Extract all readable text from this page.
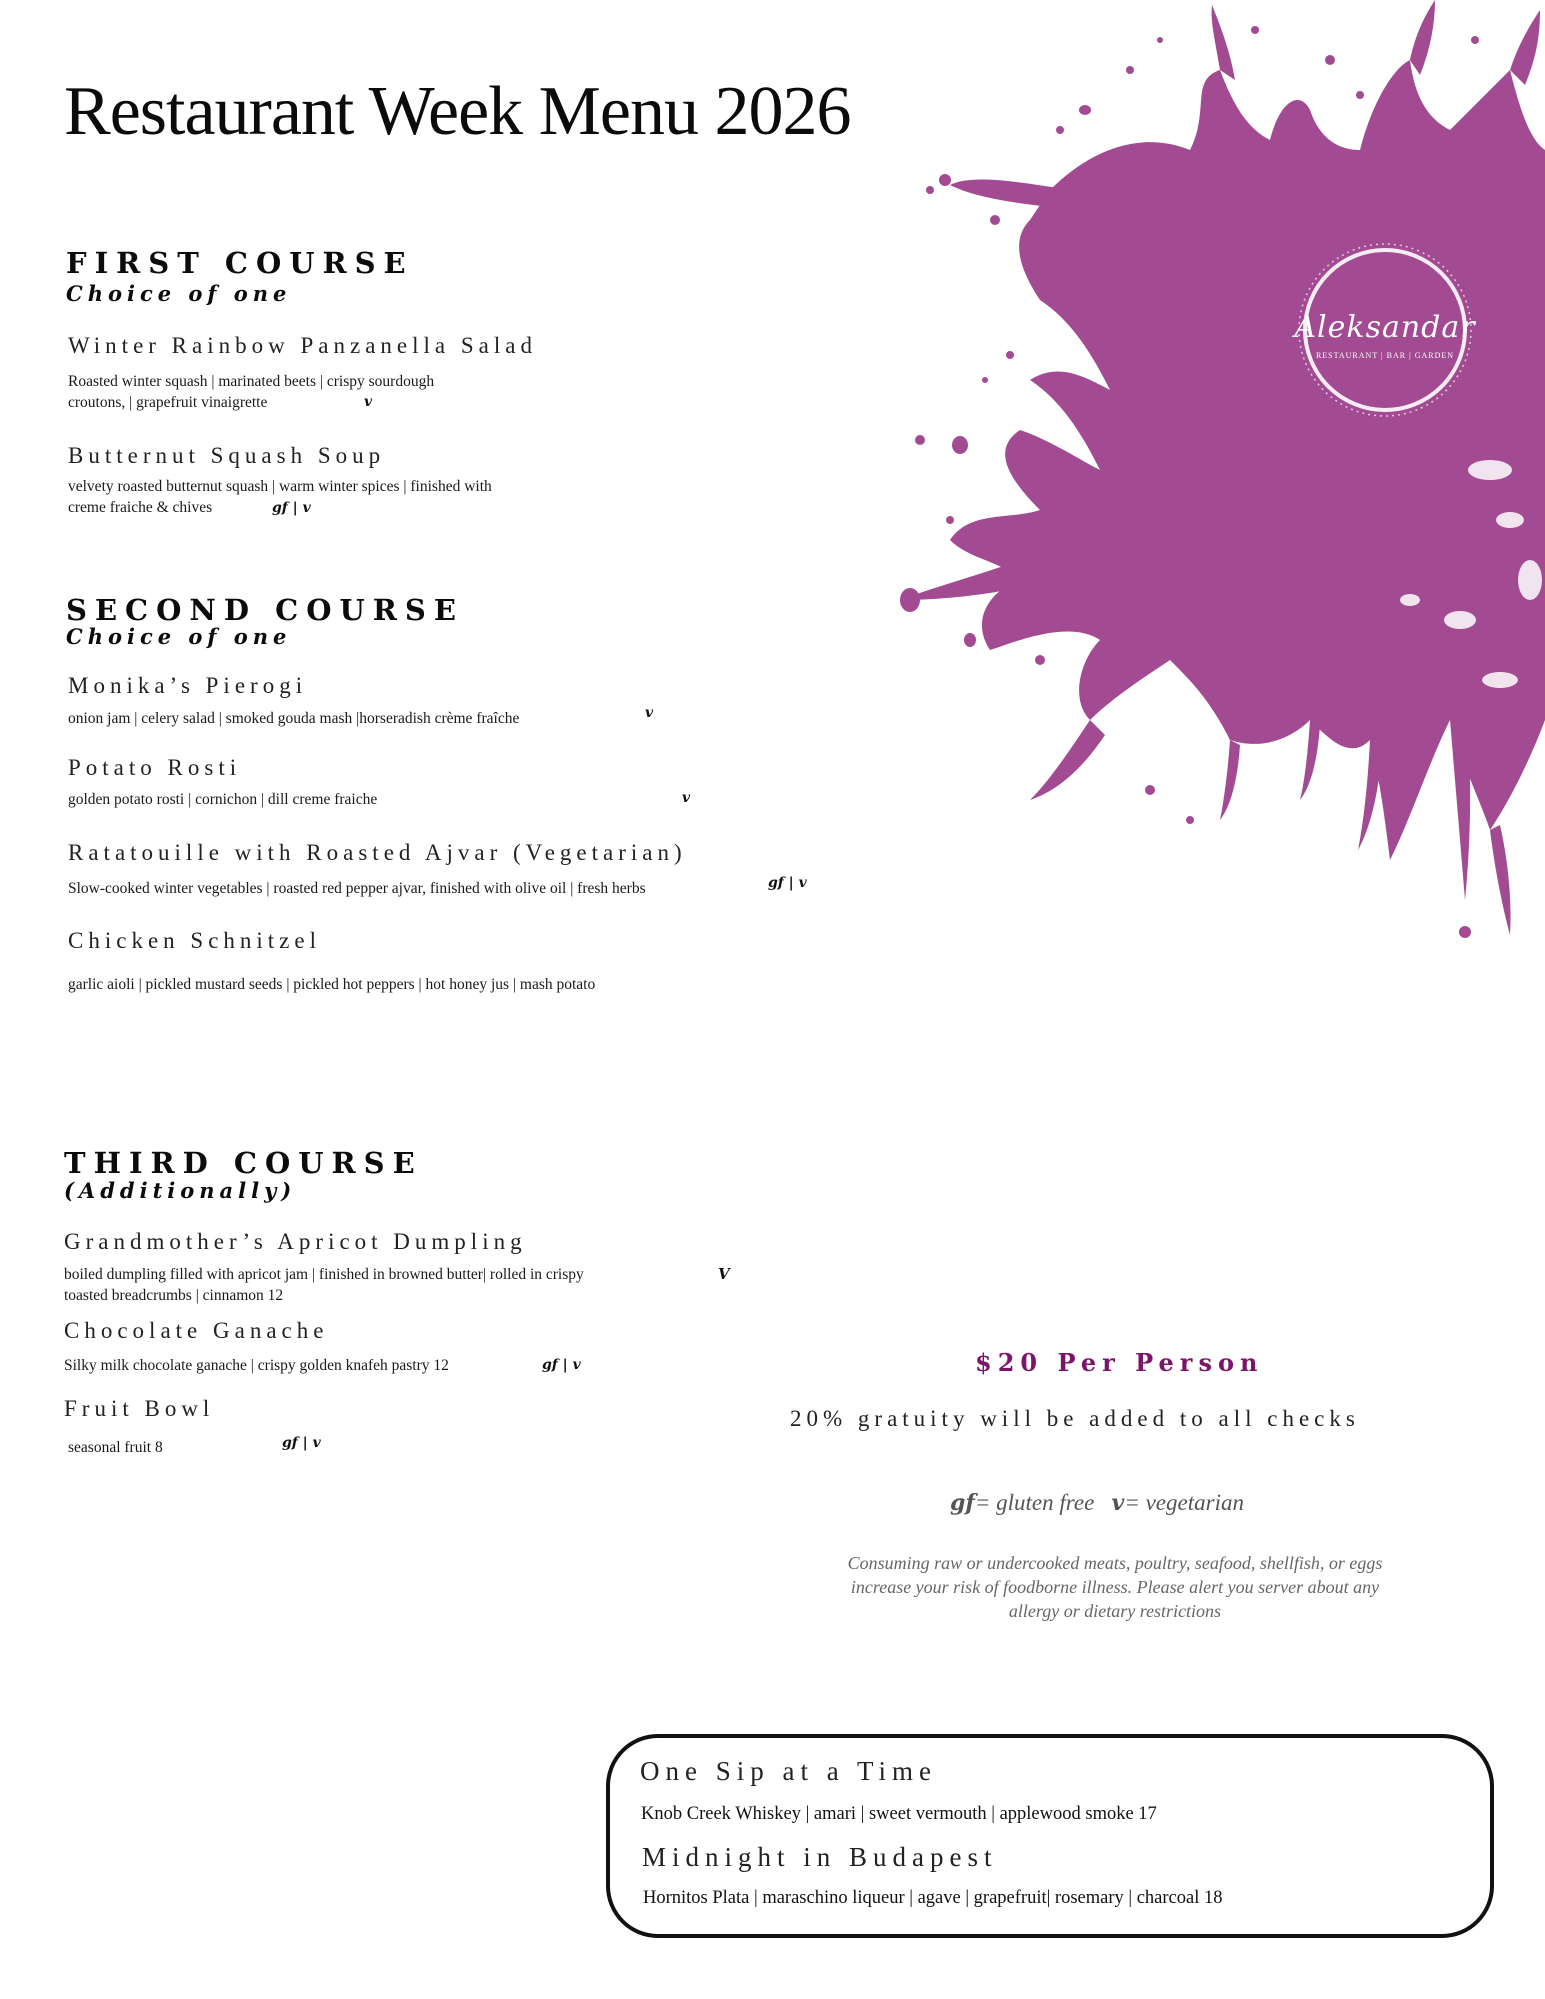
Aleksandar
RESTAURANT | BAR | GARDEN
Restaurant Week Menu 2026
FIRST COURSE
Choice of one
Winter Rainbow Panzanella Salad
Roasted winter squash | marinated beets | crispy sourdough
croutons, | grapefruit vinaigrette	v
Butternut Squash Soup
velvety roasted butternut squash | warm winter spices | finished with
creme fraiche & chives	gf | v
SECOND COURSE
Choice of one
Monika’s Pierogi
onion jam | celery salad | smoked gouda mash |horseradish crème fraîche	v
Potato Rosti
golden potato rosti | cornichon | dill creme fraiche	v
Ratatouille with Roasted Ajvar (Vegetarian)
Slow-cooked winter vegetables | roasted red pepper ajvar, finished with olive oil | fresh herbs	gf | v
Chicken Schnitzel
garlic aioli | pickled mustard seeds | pickled hot peppers | hot honey jus | mash potato
THIRD COURSE
(Additionally)
Grandmother’s Apricot Dumpling
boiled dumpling filled with apricot jam | finished in browned butter| rolled in crispy
toasted breadcrumbs | cinnamon 12
V
Chocolate Ganache
Silky milk chocolate ganache | crispy golden knafeh pastry 12	gf | v
Fruit Bowl
seasonal fruit 8	gf | v
$20 Per Person
20% gratuity will be added to all checks
gf= gluten free v= vegetarian
Consuming raw or undercooked meats, poultry, seafood, shellfish, or eggs increase your risk of foodborne illness. Please alert you server about any allergy or dietary restrictions
One Sip at a Time
Knob Creek Whiskey | amari | sweet vermouth | applewood smoke 17
Midnight in Budapest
Hornitos Plata | maraschino liqueur | agave | grapefruit| rosemary | charcoal 18
